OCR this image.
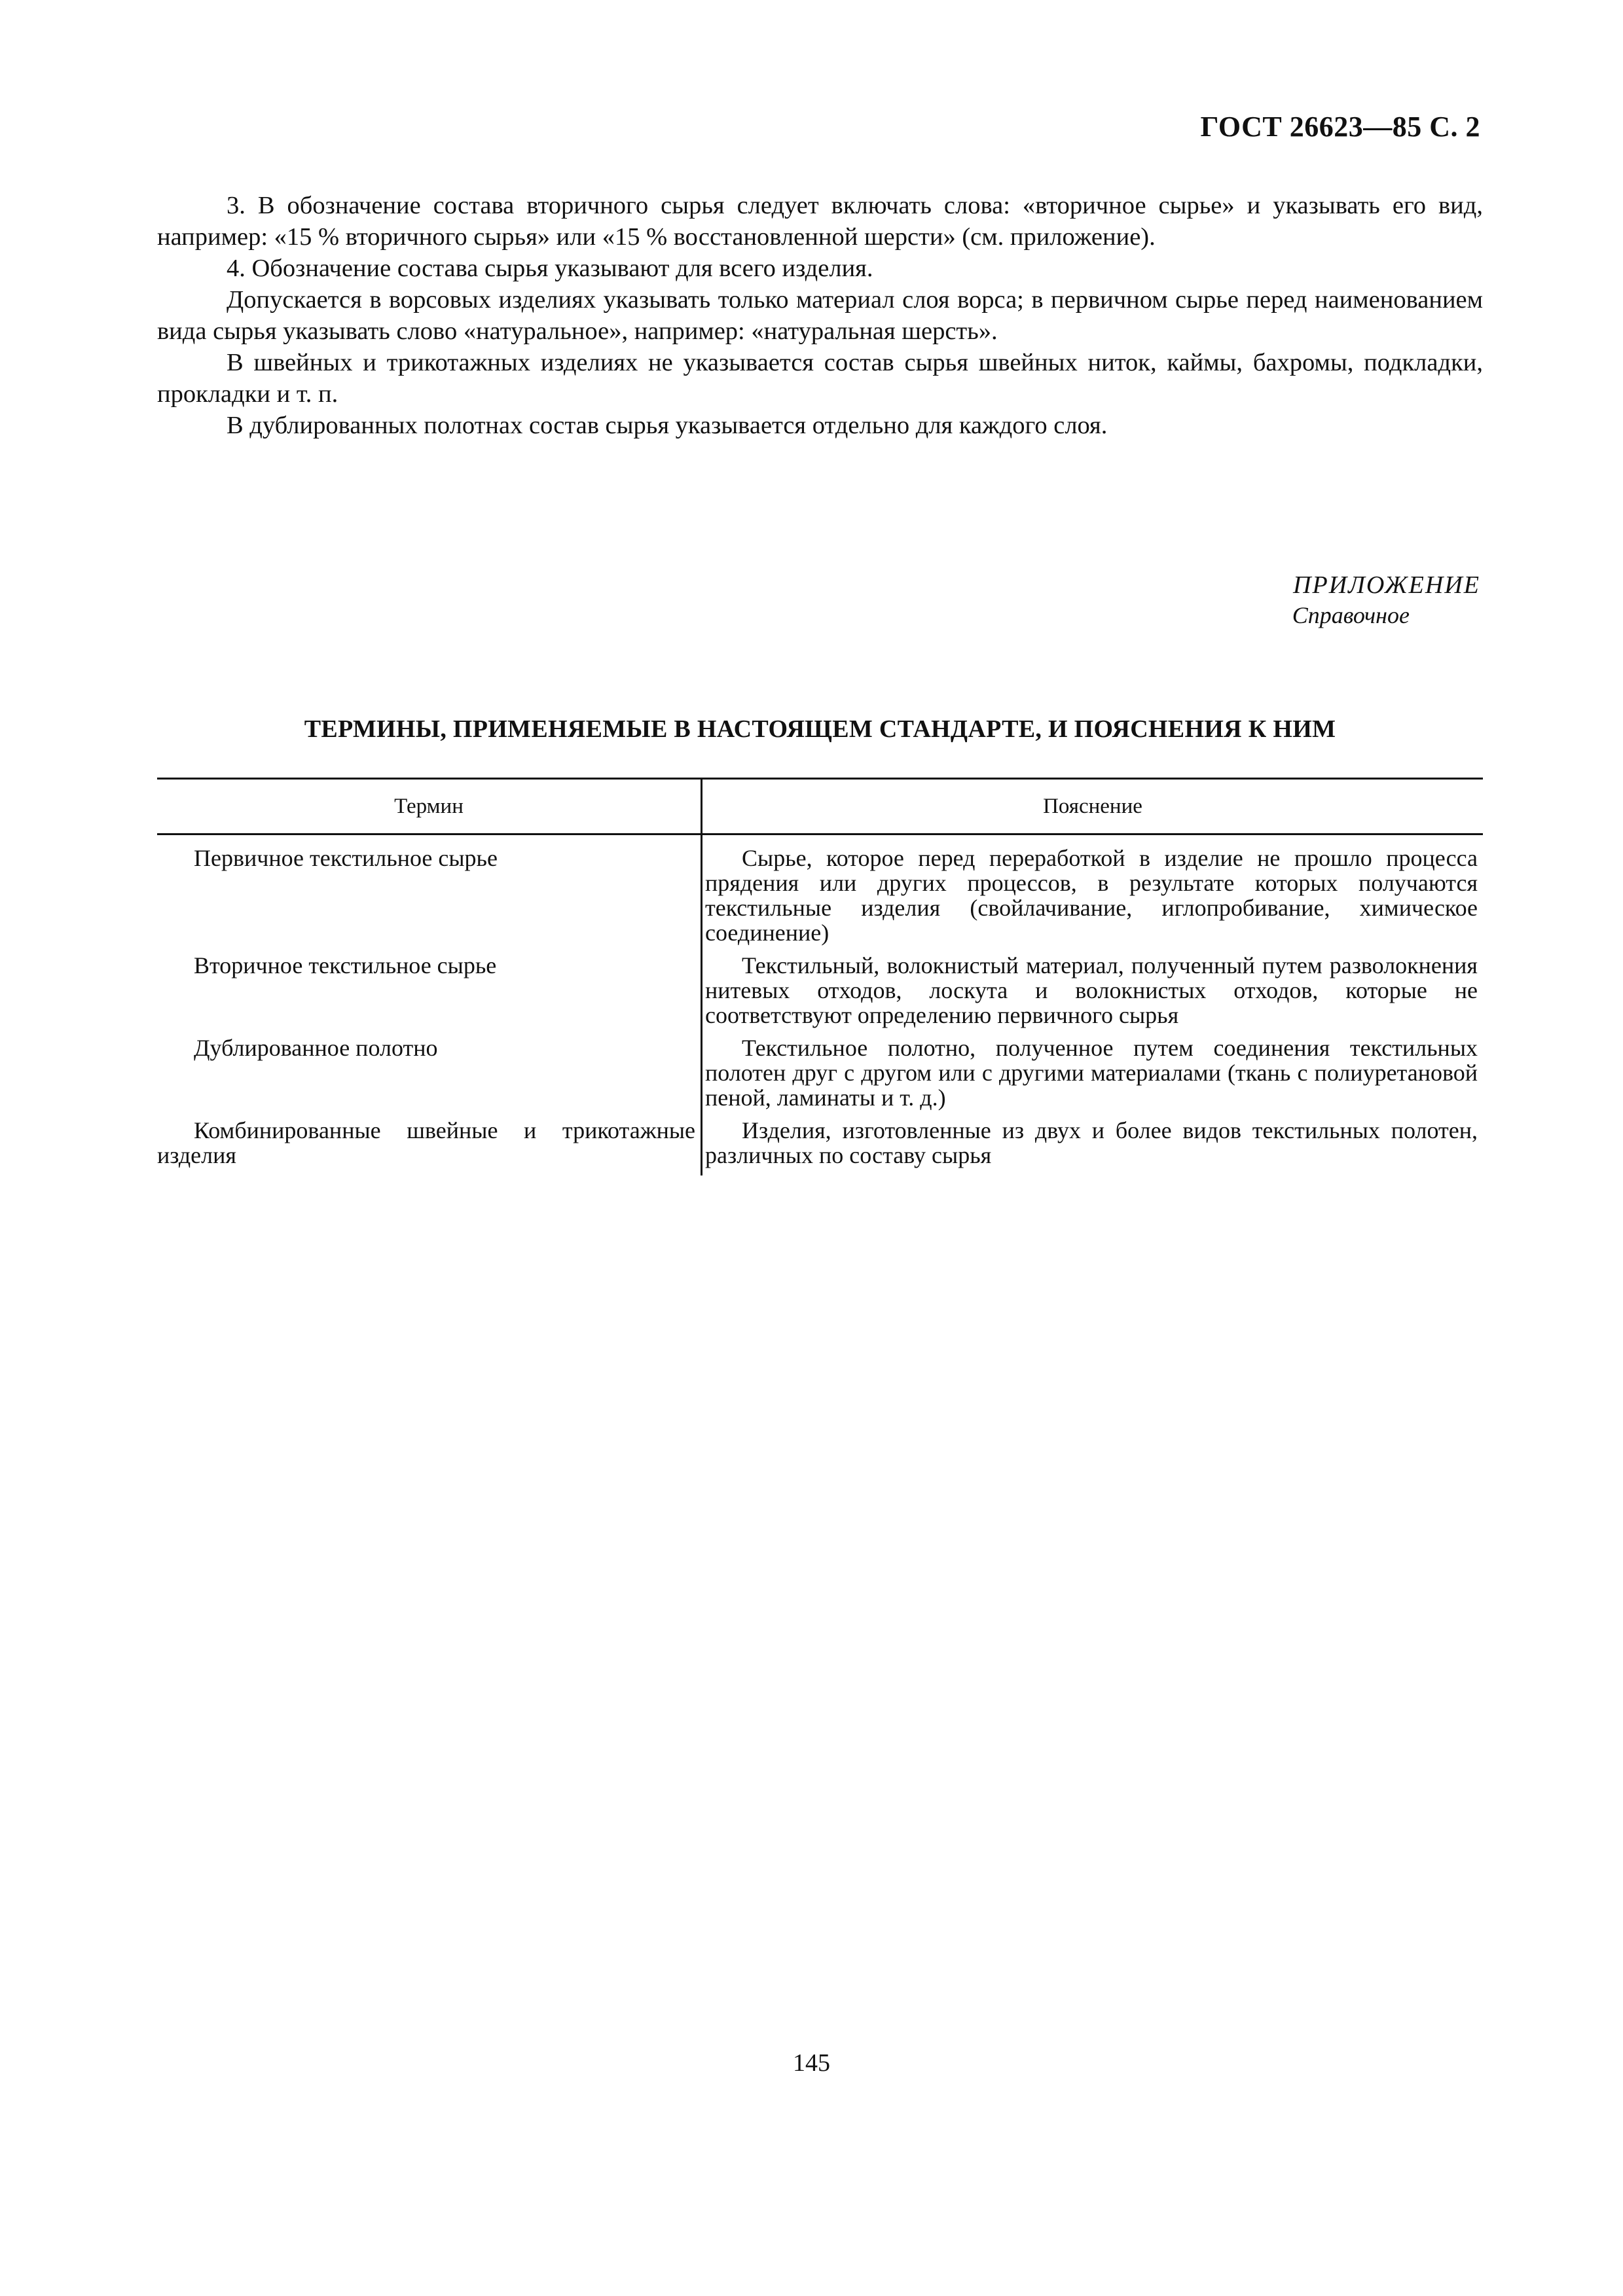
ГОСТ 26623—85 С. 2

3. В обозначение состава вторичного сырья следует включать слова: «вторичное сырье» и указывать его вид, например: «15 % вторичного сырья» или «15 % восстановленной шерсти» (см. приложение).

4. Обозначение состава сырья указывают для всего изделия.

Допускается в ворсовых изделиях указывать только материал слоя ворса; в первичном сырье перед наименованием вида сырья указывать слово «натуральное», например: «натуральная шерсть».

В швейных и трикотажных изделиях не указывается состав сырья швейных ниток, каймы, бахромы, подкладки, прокладки и т. п.

В дублированных полотнах состав сырья указывается отдельно для каждого слоя.

ПРИЛОЖЕНИЕ
Справочное
ТЕРМИНЫ, ПРИМЕНЯЕМЫЕ В НАСТОЯЩЕМ СТАНДАРТЕ, И ПОЯСНЕНИЯ К НИМ
Термин	Пояснение

Первичное текстильное сырье	Сырье, которое перед переработкой в изделие не прошло процесса прядения или других процессов, в результате которых получаются текстильные изделия (свойлачивание, иглопробивание, химическое соединение)

Вторичное текстильное сырье	Текстильный, волокнистый материал, полученный путем разволокнения нитевых отходов, лоскута и волокнистых отходов, которые не соответствуют определению первичного сырья

Дублированное полотно	Текстильное полотно, полученное путем соединения текстильных полотен друг с другом или с другими материалами (ткань с полиуретановой пеной, ламинаты и т. д.)

Комбинированные швейные и трикотажные изделия	Изделия, изготовленные из двух и более видов текстильных полотен, различных по составу сырья
145
